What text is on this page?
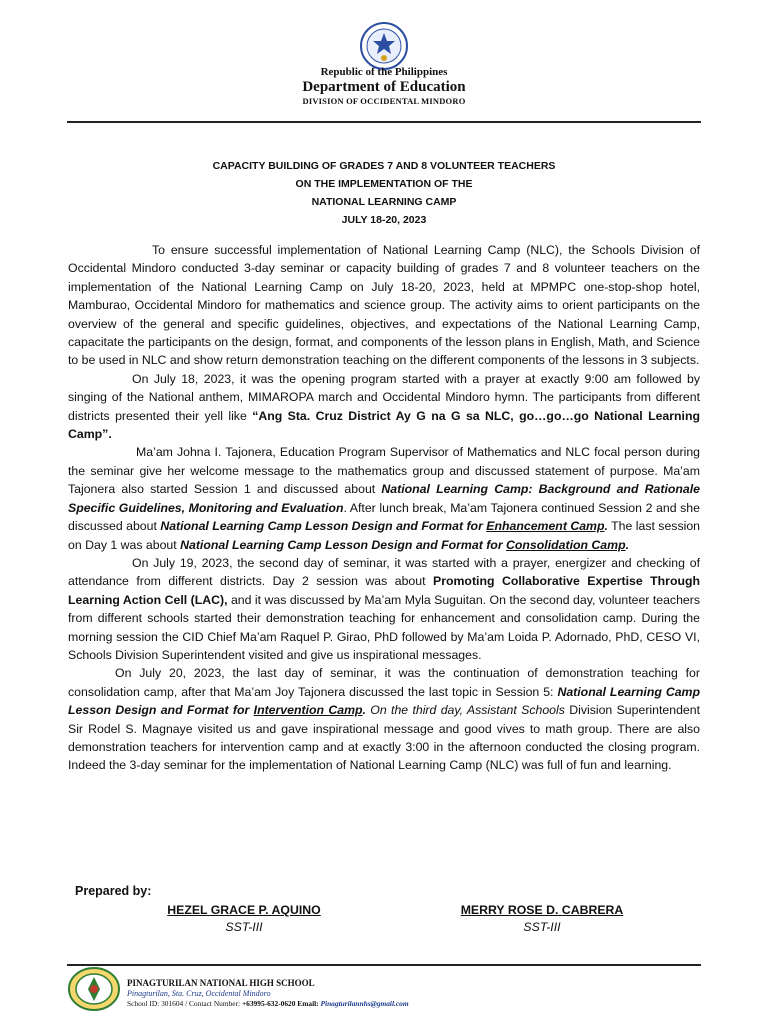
Republic of the Philippines
Department of Education
DIVISION OF OCCIDENTAL MINDORO
CAPACITY BUILDING OF GRADES 7 AND 8 VOLUNTEER TEACHERS
ON THE IMPLEMENTATION OF THE
NATIONAL LEARNING CAMP
JULY 18-20, 2023

To ensure successful implementation of National Learning Camp (NLC), the Schools Division of Occidental Mindoro conducted 3-day seminar or capacity building of grades 7 and 8 volunteer teachers on the implementation of the National Learning Camp on July 18-20, 2023, held at MPMPC one-stop-shop hotel, Mamburao, Occidental Mindoro for mathematics and science group. The activity aims to orient participants on the overview of the general and specific guidelines, objectives, and expectations of the National Learning Camp, capacitate the participants on the design, format, and components of the lesson plans in English, Math, and Science to be used in NLC and show return demonstration teaching on the different components of the lessons in 3 subjects.

On July 18, 2023, it was the opening program started with a prayer at exactly 9:00 am followed by singing of the National anthem, MIMAROPA march and Occidental Mindoro hymn. The participants from different districts presented their yell like “Ang Sta. Cruz District Ay G na G sa NLC, go…go…go National Learning Camp”.

Ma’am Johna I. Tajonera, Education Program Supervisor of Mathematics and NLC focal person during the seminar give her welcome message to the mathematics group and discussed statement of purpose. Ma’am Tajonera also started Session 1 and discussed about National Learning Camp: Background and Rationale Specific Guidelines, Monitoring and Evaluation. After lunch break, Ma’am Tajonera continued Session 2 and she discussed about National Learning Camp Lesson Design and Format for Enhancement Camp. The last session on Day 1 was about National Learning Camp Lesson Design and Format for Consolidation Camp.

On July 19, 2023, the second day of seminar, it was started with a prayer, energizer and checking of attendance from different districts. Day 2 session was about Promoting Collaborative Expertise Through Learning Action Cell (LAC), and it was discussed by Ma’am Myla Suguitan. On the second day, volunteer teachers from different schools started their demonstration teaching for enhancement and consolidation camp. During the morning session the CID Chief Ma’am Raquel P. Girao, PhD followed by Ma’am Loida P. Adornado, PhD, CESO VI, Schools Division Superintendent visited and give us inspirational messages.

On July 20, 2023, the last day of seminar, it was the continuation of demonstration teaching for consolidation camp, after that Ma’am Joy Tajonera discussed the last topic in Session 5: National Learning Camp Lesson Design and Format for Intervention Camp. On the third day, Assistant Schools Division Superintendent Sir Rodel S. Magnaye visited us and gave inspirational message and good vives to math group. There are also demonstration teachers for intervention camp and at exactly 3:00 in the afternoon conducted the closing program. Indeed the 3-day seminar for the implementation of National Learning Camp (NLC) was full of fun and learning.

Prepared by:
HEZEL GRACE P. AQUINO
SST-III
MERRY ROSE D. CABRERA
SST-III
PINAGTURILAN NATIONAL HIGH SCHOOL
Pinagturilan, Sta. Cruz, Occidental Mindoro
School ID: 301604 / Contact Number: +63995-632-0620 Email: Pinagturilannhs@gmail.com
